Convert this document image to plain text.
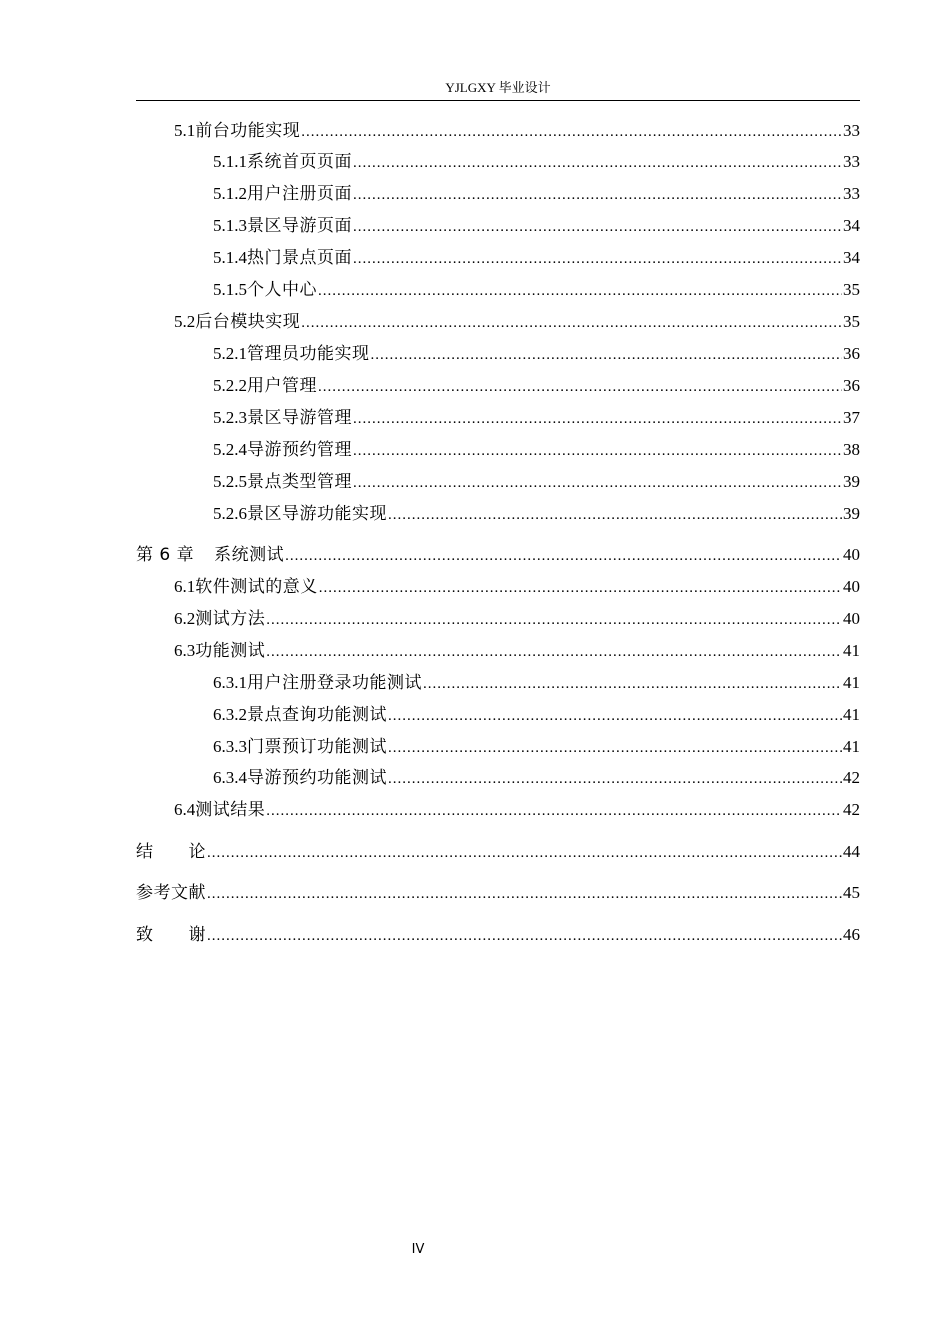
YJLGXY 毕业设计
5.1 前台功能实现 .....	33
5.1.1 系统首页页面 .....	33
5.1.2 用户注册页面 .....	33
5.1.3 景区导游页面 .....	34
5.1.4 热门景点页面 .....	34
5.1.5 个人中心 .....	35
5.2 后台模块实现 .....	35
5.2.1 管理员功能实现 .....	36
5.2.2 用户管理 .....	36
5.2.3 景区导游管理 .....	37
5.2.4 导游预约管理 .....	38
5.2.5 景点类型管理 .....	39
5.2.6 景区导游功能实现 .....	39
第 6 章 系统测试 .....	40
6.1 软件测试的意义 .....	40
6.2 测试方法 .....	40
6.3 功能测试 .....	41
6.3.1 用户注册登录功能测试 .....	41
6.3.2 景点查询功能测试 .....	41
6.3.3 门票预订功能测试 .....	41
6.3.4 导游预约功能测试 .....	42
6.4 测试结果 .....	42
结　　论 .....	44
参考文献 .....	45
致　　谢 .....	46
IV
